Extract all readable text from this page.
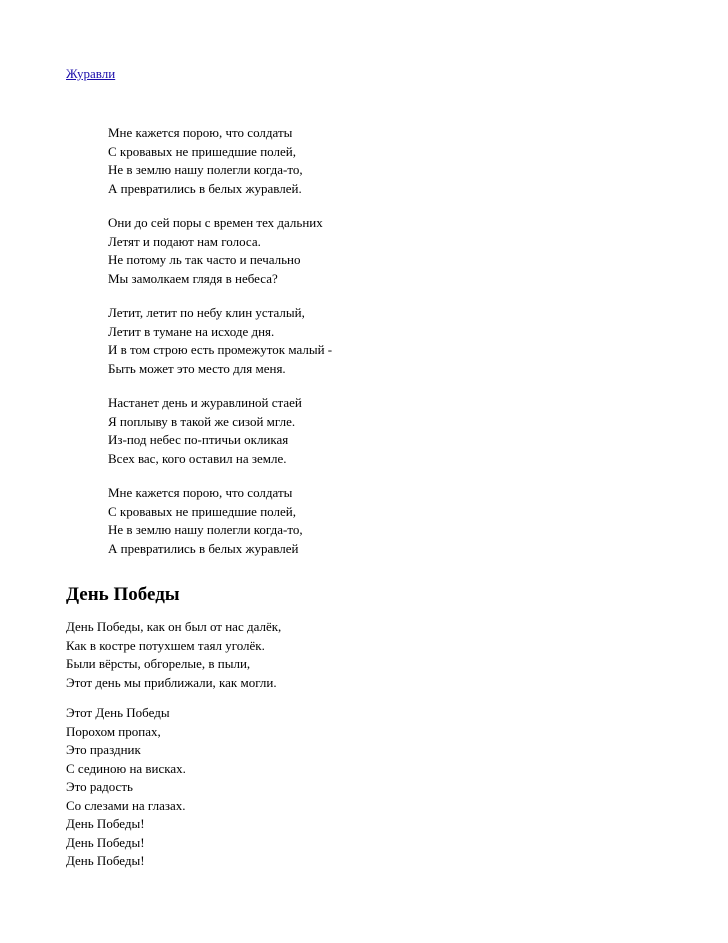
Журавли
Мне кажется порою, что солдаты
С кровавых не пришедшие полей,
Не в землю нашу полегли когда-то,
А превратились в белых журавлей.
Они до сей поры с времен тех дальних
Летят и подают нам голоса.
Не потому ль так часто и печально
Мы замолкаем глядя в небеса?
Летит, летит по небу клин усталый,
Летит в тумане на исходе дня.
И в том строю есть промежуток малый -
Быть может это место для меня.
Настанет день и журавлиной стаей
Я поплыву в такой же сизой мгле.
Из-под небес по-птичьи окликая
Всех вас, кого оставил на земле.
Мне кажется порою, что солдаты
С кровавых не пришедшие полей,
Не в землю нашу полегли когда-то,
А превратились в белых журавлей
День Победы
День Победы, как он был от нас далёк,
Как в костре потухшем таял уголёк.
Были вёрсты, обгорелые, в пыли,
Этот день мы приближали, как могли.
Этот День Победы
Порохом пропах,
Это праздник
С сединою на висках.
Это радость
Со слезами на глазах.
День Победы!
День Победы!
День Победы!
